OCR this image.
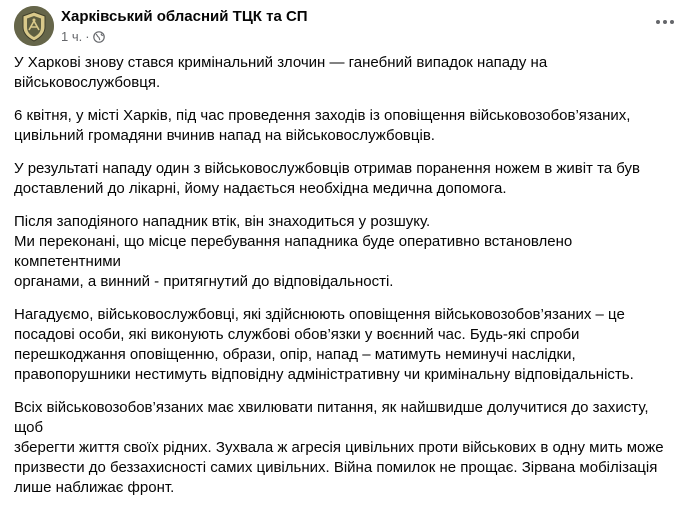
Харківський обласний ТЦК та СП
1 ч. ·

У Харкові знову стався кримінальний злочин — ганебний випадок нападу на
військовослужбовця.

6 квітня, у місті Харків, під час проведення заходів із оповіщення військовозобов’язаних,
цивільний громадяни вчинив напад на військовослужбовців.

У результаті нападу один з військовослужбовців отримав поранення ножем в живіт та був
доставлений до лікарні, йому надається необхідна медична допомога.

Після заподіяного нападник втік, він знаходиться у розшуку.
Ми переконані, що місце перебування нападника буде оперативно встановлено компетентними
органами, а винний - притягнутий до відповідальності.

Нагадуємо, військовослужбовці, які здійснюють оповіщення військовозобов’язаних – це
посадові особи, які виконують службові обов’язки у воєнний час. Будь-які спроби
перешкоджання оповіщенню, образи, опір, напад – матимуть неминучі наслідки,
правопорушники нестимуть відповідну адміністративну чи кримінальну відповідальність.

Всіх військовозобов’язаних має хвилювати питання, як найшвидше долучитися до захисту, щоб
зберегти життя своїх рідних. Зухвала ж агресія цивільних проти військових в одну мить може
призвести до беззахисності самих цивільних. Війна помилок не прощає. Зірвана мобілізація
лише наближає фронт.
